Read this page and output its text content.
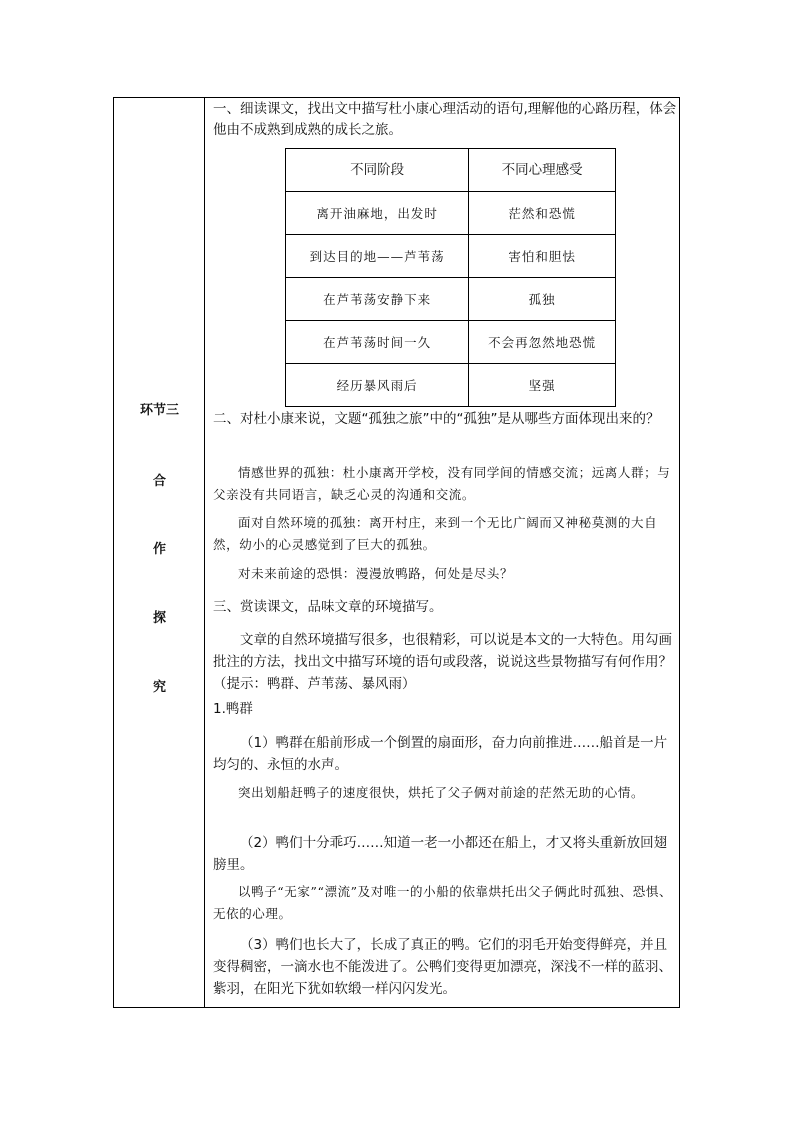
环节三
合
作
探
究
一、细读课文，找出文中描写杜小康心理活动的语句,理解他的心路历程，体会他由不成熟到成熟的成长之旅。
不同阶段	不同心理感受
离开油麻地，出发时	茫然和恐慌
到达目的地——芦苇荡	害怕和胆怯
在芦苇荡安静下来	孤独
在芦苇荡时间一久	不会再忽然地恐慌
经历暴风雨后	坚强
二、对杜小康来说，文题“孤独之旅”中的“孤独”是从哪些方面体现出来的？
情感世界的孤独：杜小康离开学校，没有同学间的情感交流；远离人群；与父亲没有共同语言，缺乏心灵的沟通和交流。
面对自然环境的孤独：离开村庄，来到一个无比广阔而又神秘莫测的大自然，幼小的心灵感觉到了巨大的孤独。
对未来前途的恐惧：漫漫放鸭路，何处是尽头？
三、赏读课文，品味文章的环境描写。
文章的自然环境描写很多，也很精彩，可以说是本文的一大特色。用勾画批注的方法，找出文中描写环境的语句或段落，说说这些景物描写有何作用？ （提示：鸭群、芦苇荡、暴风雨）
1.鸭群
（1）鸭群在船前形成一个倒置的扇面形，奋力向前推进……船首是一片均匀的、永恒的水声。
突出划船赶鸭子的速度很快，烘托了父子俩对前途的茫然无助的心情。
（2）鸭们十分乖巧……知道一老一小都还在船上，才又将头重新放回翅膀里。
以鸭子“无家”“漂流”及对唯一的小船的依靠烘托出父子俩此时孤独、恐惧、无依的心理。
（3）鸭们也长大了，长成了真正的鸭。它们的羽毛开始变得鲜亮，并且变得稠密，一滴水也不能泼进了。公鸭们变得更加漂亮，深浅不一样的蓝羽、紫羽，在阳光下犹如软缎一样闪闪发光。
